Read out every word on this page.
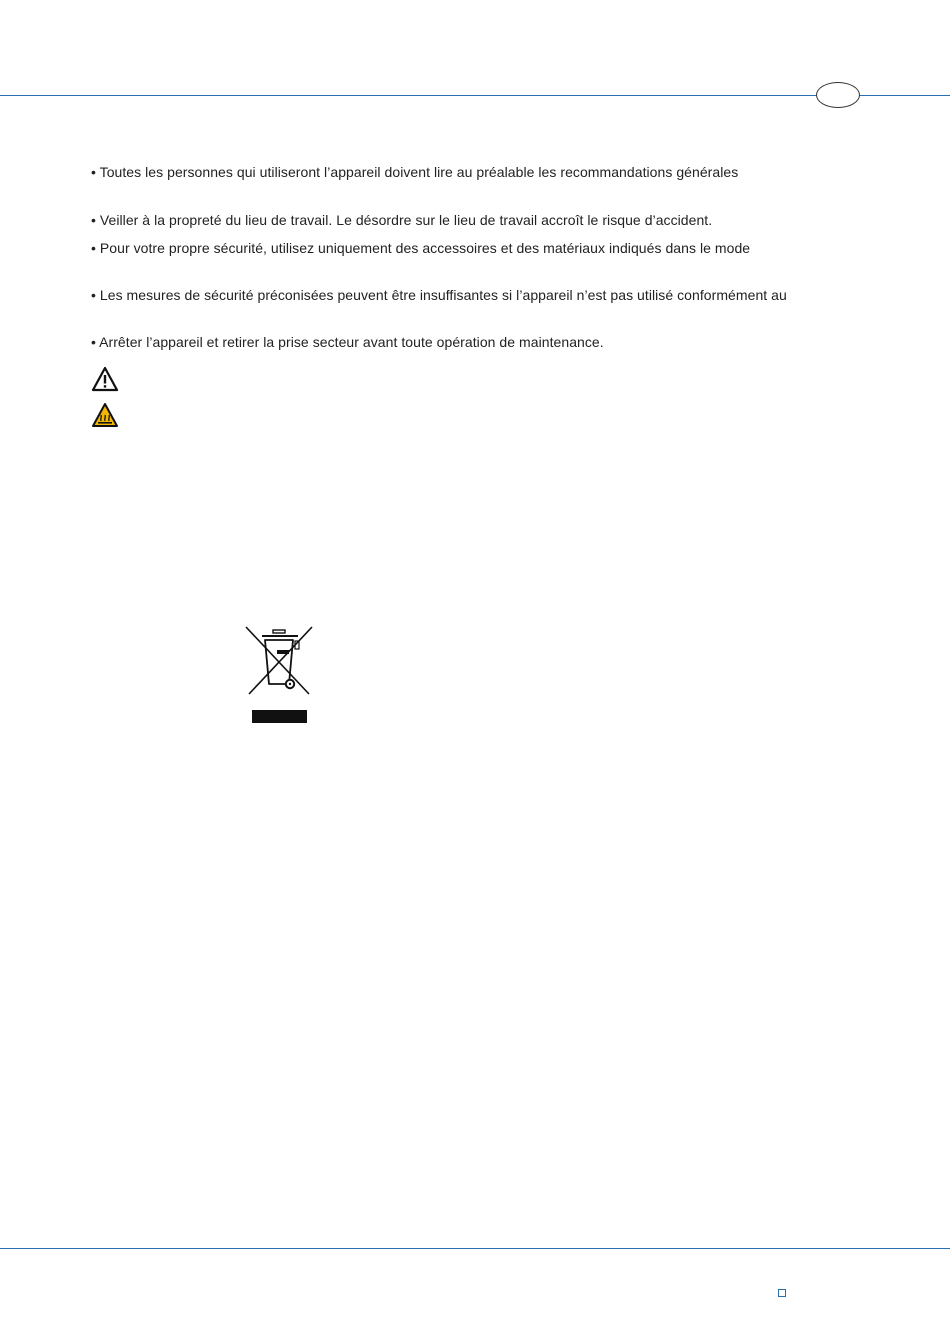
• Toutes les personnes qui utiliseront l’appareil doivent lire au préalable les recommandations générales
• Veiller à la propreté du lieu de travail. Le désordre sur le lieu de travail accroît le risque d’accident.
• Pour votre propre sécurité, utilisez uniquement des accessoires et des matériaux indiqués dans le mode
• Les mesures de sécurité préconisées peuvent être insuffisantes si l’appareil n’est pas utilisé conformément au
• Arrêter l’appareil et retirer la prise secteur avant toute opération de maintenance.
